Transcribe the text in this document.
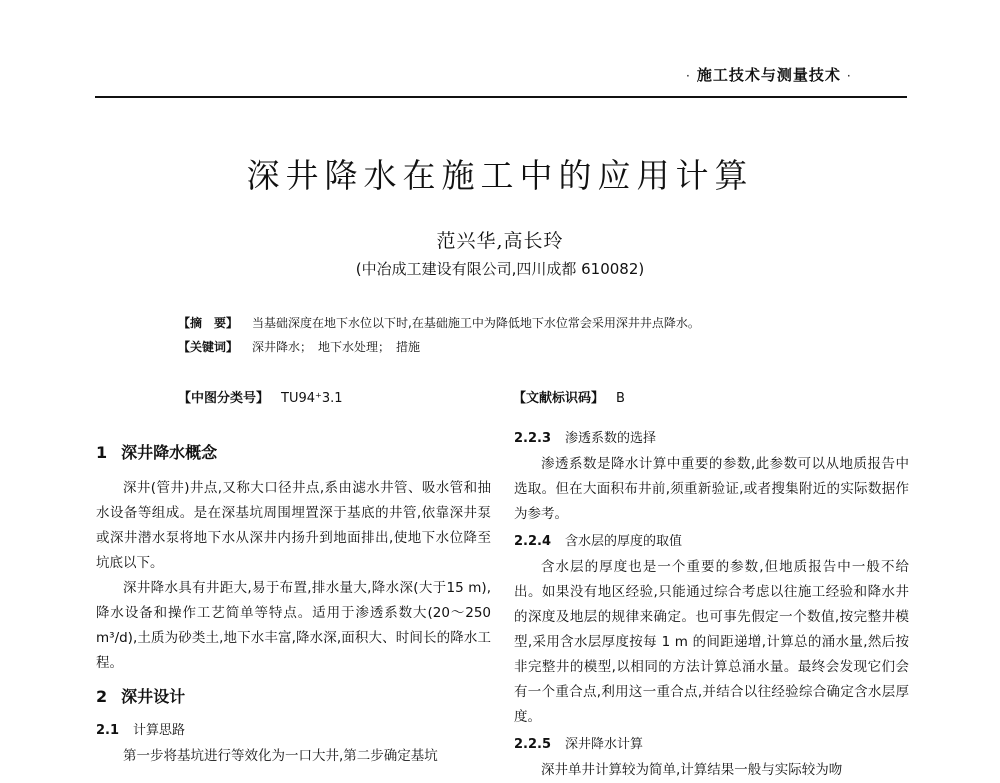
· 施工技术与测量技术 ·
深井降水在施工中的应用计算
范兴华,高长玲
(中冶成工建设有限公司,四川成都 610082)
【摘　要】 当基础深度在地下水位以下时,在基础施工中为降低地下水位常会采用深井井点降水。
【关键词】 深井降水；　地下水处理；　措施
【中图分类号】 TU94⁺3.1	【文献标识码】 B
1 深井降水概念

深井(管井)井点,又称大口径井点,系由滤水井管、吸水管和抽水设备等组成。是在深基坑周围埋置深于基底的井管,依靠深井泵或深井潜水泵将地下水从深井内扬升到地面排出,使地下水位降至坑底以下。

深井降水具有井距大,易于布置,排水量大,降水深(大于15 m),降水设备和操作工艺简单等特点。适用于渗透系数大(20～250 m³/d),土质为砂类土,地下水丰富,降水深,面积大、时间长的降水工程。

2 深井设计
2.1 计算思路

第一步将基坑进行等效化为一口大井,第二步确定基坑

2.2.3 渗透系数的选择

渗透系数是降水计算中重要的参数,此参数可以从地质报告中选取。但在大面积布井前,须重新验证,或者搜集附近的实际数据作为参考。

2.2.4 含水层的厚度的取值

含水层的厚度也是一个重要的参数,但地质报告中一般不给出。如果没有地区经验,只能通过综合考虑以往施工经验和降水井的深度及地层的规律来确定。也可事先假定一个数值,按完整井模型,采用含水层厚度按每 1 m 的间距递增,计算总的涌水量,然后按非完整井的模型,以相同的方法计算总涌水量。最终会发现它们会有一个重合点,利用这一重合点,并结合以往经验综合确定含水层厚度。

2.2.5 深井降水计算

深井单井计算较为简单,计算结果一般与实际较为吻
